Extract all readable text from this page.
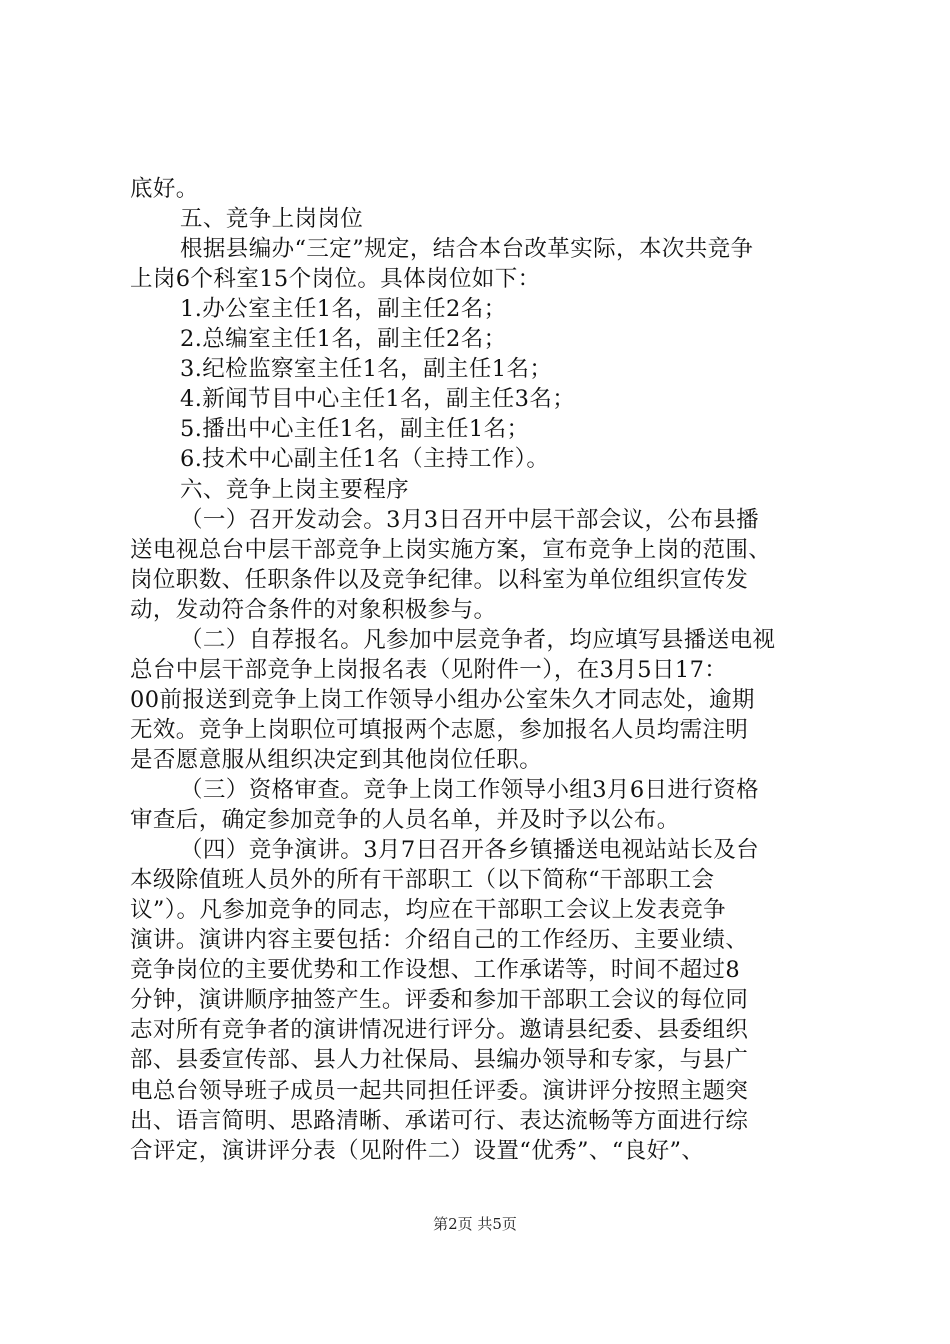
底好。
五、竞争上岗岗位
根据县编办“三定”规定，结合本台改革实际，本次共竞争
上岗6个科室15个岗位。具体岗位如下：
1.办公室主任1名，副主任2名；
2.总编室主任1名，副主任2名；
3.纪检监察室主任1名，副主任1名；
4.新闻节目中心主任1名，副主任3名；
5.播出中心主任1名，副主任1名；
6.技术中心副主任1名（主持工作）。
六、竞争上岗主要程序
（一）召开发动会。3月3日召开中层干部会议，公布县播
送电视总台中层干部竞争上岗实施方案，宣布竞争上岗的范围、
岗位职数、任职条件以及竞争纪律。以科室为单位组织宣传发
动，发动符合条件的对象积极参与。
（二）自荐报名。凡参加中层竞争者，均应填写县播送电视
总台中层干部竞争上岗报名表（见附件一），在3月5日17：
00前报送到竞争上岗工作领导小组办公室朱久才同志处，逾期
无效。竞争上岗职位可填报两个志愿，参加报名人员均需注明
是否愿意服从组织决定到其他岗位任职。
（三）资格审查。竞争上岗工作领导小组3月6日进行资格
审查后，确定参加竞争的人员名单，并及时予以公布。
（四）竞争演讲。3月7日召开各乡镇播送电视站站长及台
本级除值班人员外的所有干部职工（以下简称“干部职工会
议”）。凡参加竞争的同志，均应在干部职工会议上发表竞争
演讲。演讲内容主要包括：介绍自己的工作经历、主要业绩、
竞争岗位的主要优势和工作设想、工作承诺等，时间不超过8
分钟，演讲顺序抽签产生。评委和参加干部职工会议的每位同
志对所有竞争者的演讲情况进行评分。邀请县纪委、县委组织
部、县委宣传部、县人力社保局、县编办领导和专家，与县广
电总台领导班子成员一起共同担任评委。演讲评分按照主题突
出、语言简明、思路清晰、承诺可行、表达流畅等方面进行综
合评定，演讲评分表（见附件二）设置“优秀”、“良好”、
第2页 共5页
